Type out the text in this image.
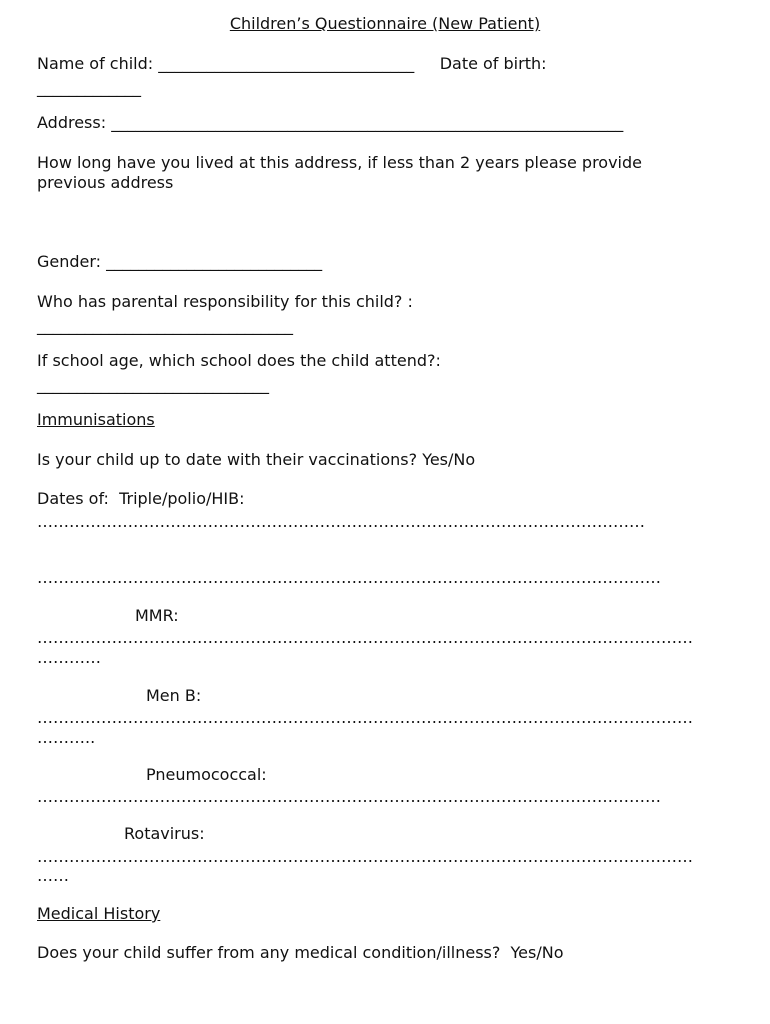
Children’s Questionnaire (New Patient)
Name of child: ________________________________     Date of birth:
_____________
Address: ________________________________________________________________
How long have you lived at this address, if less than 2 years please provide
previous address
Gender: ___________________________
Who has parental responsibility for this child? :
________________________________
If school age, which school does the child attend?:
_____________________________
Immunisations
Is your child up to date with their vaccinations? Yes/No
Dates of:  Triple/polio/HIB:
……………………………………………………………………………………………………
………………………………………………………………………………………………………
MMR:
……………………………………………………………………………………………………………
…………
Men B:
……………………………………………………………………………………………………………
………..
Pneumococcal:
………………………………………………………………………………………………………
Rotavirus:
……………………………………………………………………………………………………………
……
Medical History
Does your child suffer from any medical condition/illness?  Yes/No
